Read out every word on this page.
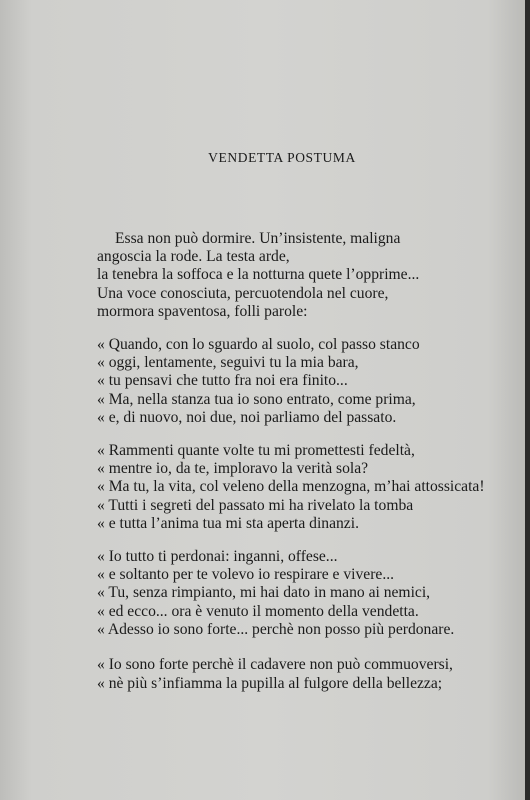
VENDETTA POSTUMA
Essa non può dormire. Un’insistente, maligna
angoscia la rode. La testa arde,
la tenebra la soffoca e la notturna quete l’opprime...
Una voce conosciuta, percuotendola nel cuore,
mormora spaventosa, folli parole:
« Quando, con lo sguardo al suolo, col passo stanco
« oggi, lentamente, seguivi tu la mia bara,
« tu pensavi che tutto fra noi era finito...
« Ma, nella stanza tua io sono entrato, come prima,
« e, di nuovo, noi due, noi parliamo del passato.
« Rammenti quante volte tu mi promettesti fedeltà,
« mentre io, da te, imploravo la verità sola?
« Ma tu, la vita, col veleno della menzogna, m’hai attossicata!
« Tutti i segreti del passato mi ha rivelato la tomba
« e tutta l’anima tua mi sta aperta dinanzi.
« Io tutto ti perdonai: inganni, offese...
« e soltanto per te volevo io respirare e vivere...
« Tu, senza rimpianto, mi hai dato in mano ai nemici,
« ed ecco... ora è venuto il momento della vendetta.
« Adesso io sono forte... perchè non posso più perdonare.
« Io sono forte perchè il cadavere non può commuoversi,
« nè più s’infiamma la pupilla al fulgore della bellezza;
